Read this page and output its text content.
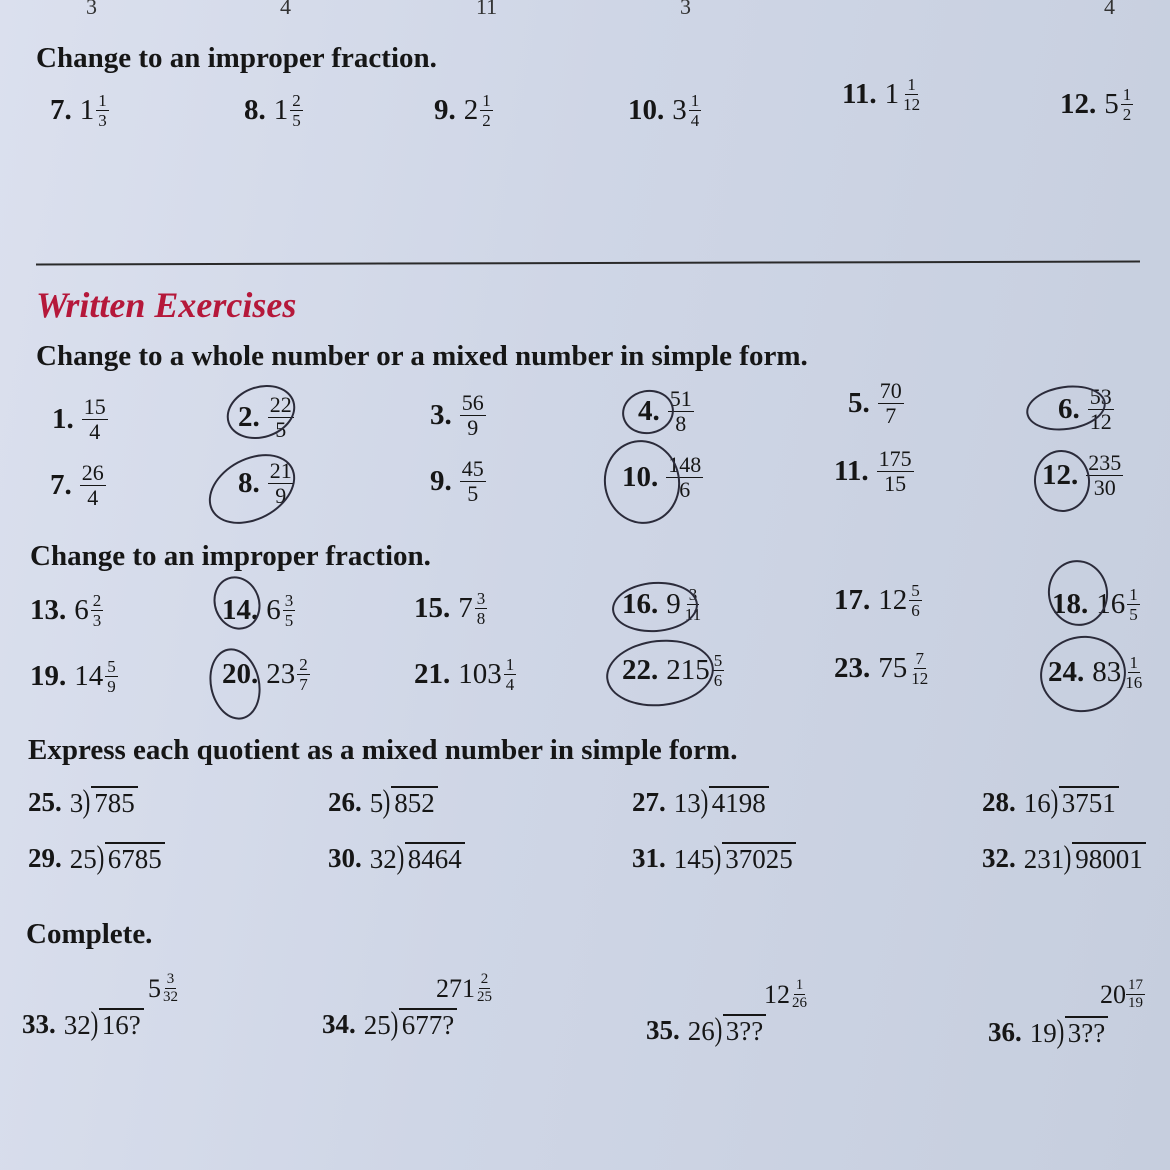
3	4	11	3	4
Change to an improper fraction.
7. $1 \frac{1}{3}$	8. $1 \frac{2}{5}$	9. $2 \frac{1}{2}$	10. $3 \frac{1}{4}$	11. $1 \frac{1}{12}$	12. $5 \frac{1}{2}$
Written Exercises
Change to a whole number or a mixed number in simple form.
1. $\frac{15}{4}$	2. $\frac{22}{5}$	3. $\frac{56}{9}$	4. $\frac{51}{8}$	5. $\frac{70}{7}$	6. $\frac{53}{12}$
7. $\frac{26}{4}$	8. $\frac{21}{9}$	9. $\frac{45}{5}$	10. $\frac{148}{6}$	11. $\frac{175}{15}$	12. $\frac{235}{30}$
Change to an improper fraction.
13. $6 \frac{2}{3}$	14. $6 \frac{3}{5}$	15. $7 \frac{3}{8}$	16. $9 \frac{3}{11}$	17. $12 \frac{5}{6}$	18. $16 \frac{1}{5}$
19. $14 \frac{5}{9}$	20. $23 \frac{2}{7}$	21. $103 \frac{1}{4}$	22. $215 \frac{5}{6}$	23. $75 \frac{7}{12}$	24. $83 \frac{1}{16}$
Express each quotient as a mixed number in simple form.
25. 3 ) 785	26. 5 ) 852	27. 13 ) 4198	28. 16 ) 3751
29. 25 ) 6785	30. 32 ) 8464	31. 145 ) 37025	32. 231 ) 98001
Complete.
$5 \frac{3}{32}$
33. 32 ) 16?
$271 \frac{2}{25}$
34. 25 ) 677?
$12 \frac{1}{26}$
35. 26 ) 3??
$20 \frac{17}{19}$
36. 19 ) 3??
